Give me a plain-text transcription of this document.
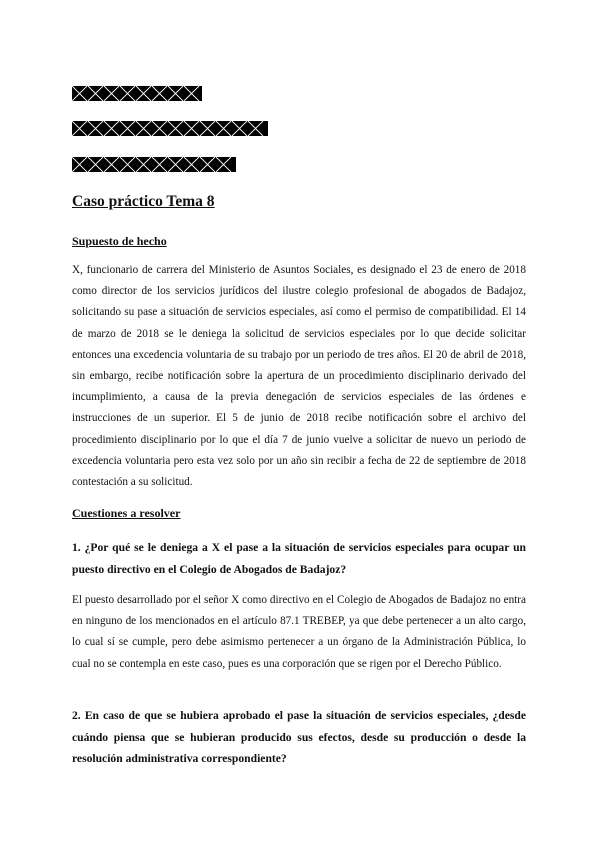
Caso práctico Tema 8
Supuesto de hecho

X, funcionario de carrera del Ministerio de Asuntos Sociales, es designado el 23 de enero de 2018 como director de los servicios jurídicos del ilustre colegio profesional de abogados de Badajoz, solicitando su pase a situación de servicios especiales, así como el permiso de compatibilidad. El 14 de marzo de 2018 se le deniega la solicitud de servicios especiales por lo que decide solicitar entonces una excedencia voluntaria de su trabajo por un periodo de tres años. El 20 de abril de 2018, sin embargo, recibe notificación sobre la apertura de un procedimiento disciplinario derivado del incumplimiento, a causa de la previa denegación de servicios especiales de las órdenes e instrucciones de un superior. El 5 de junio de 2018 recibe notificación sobre el archivo del procedimiento disciplinario por lo que el día 7 de junio vuelve a solicitar de nuevo un periodo de excedencia voluntaria pero esta vez solo por un año sin recibir a fecha de 22 de septiembre de 2018 contestación a su solicitud.

Cuestiones a resolver

1. ¿Por qué se le deniega a X el pase a la situación de servicios especiales para ocupar un puesto directivo en el Colegio de Abogados de Badajoz?

El puesto desarrollado por el señor X como directivo en el Colegio de Abogados de Badajoz no entra en ninguno de los mencionados en el artículo 87.1 TREBEP, ya que debe pertenecer a un alto cargo, lo cual sí se cumple, pero debe asimismo pertenecer a un órgano de la Administración Pública, lo cual no se contempla en este caso, pues es una corporación que se rigen por el Derecho Público.

2. En caso de que se hubiera aprobado el pase la situación de servicios especiales, ¿desde cuándo piensa que se hubieran producido sus efectos, desde su producción o desde la resolución administrativa correspondiente?
